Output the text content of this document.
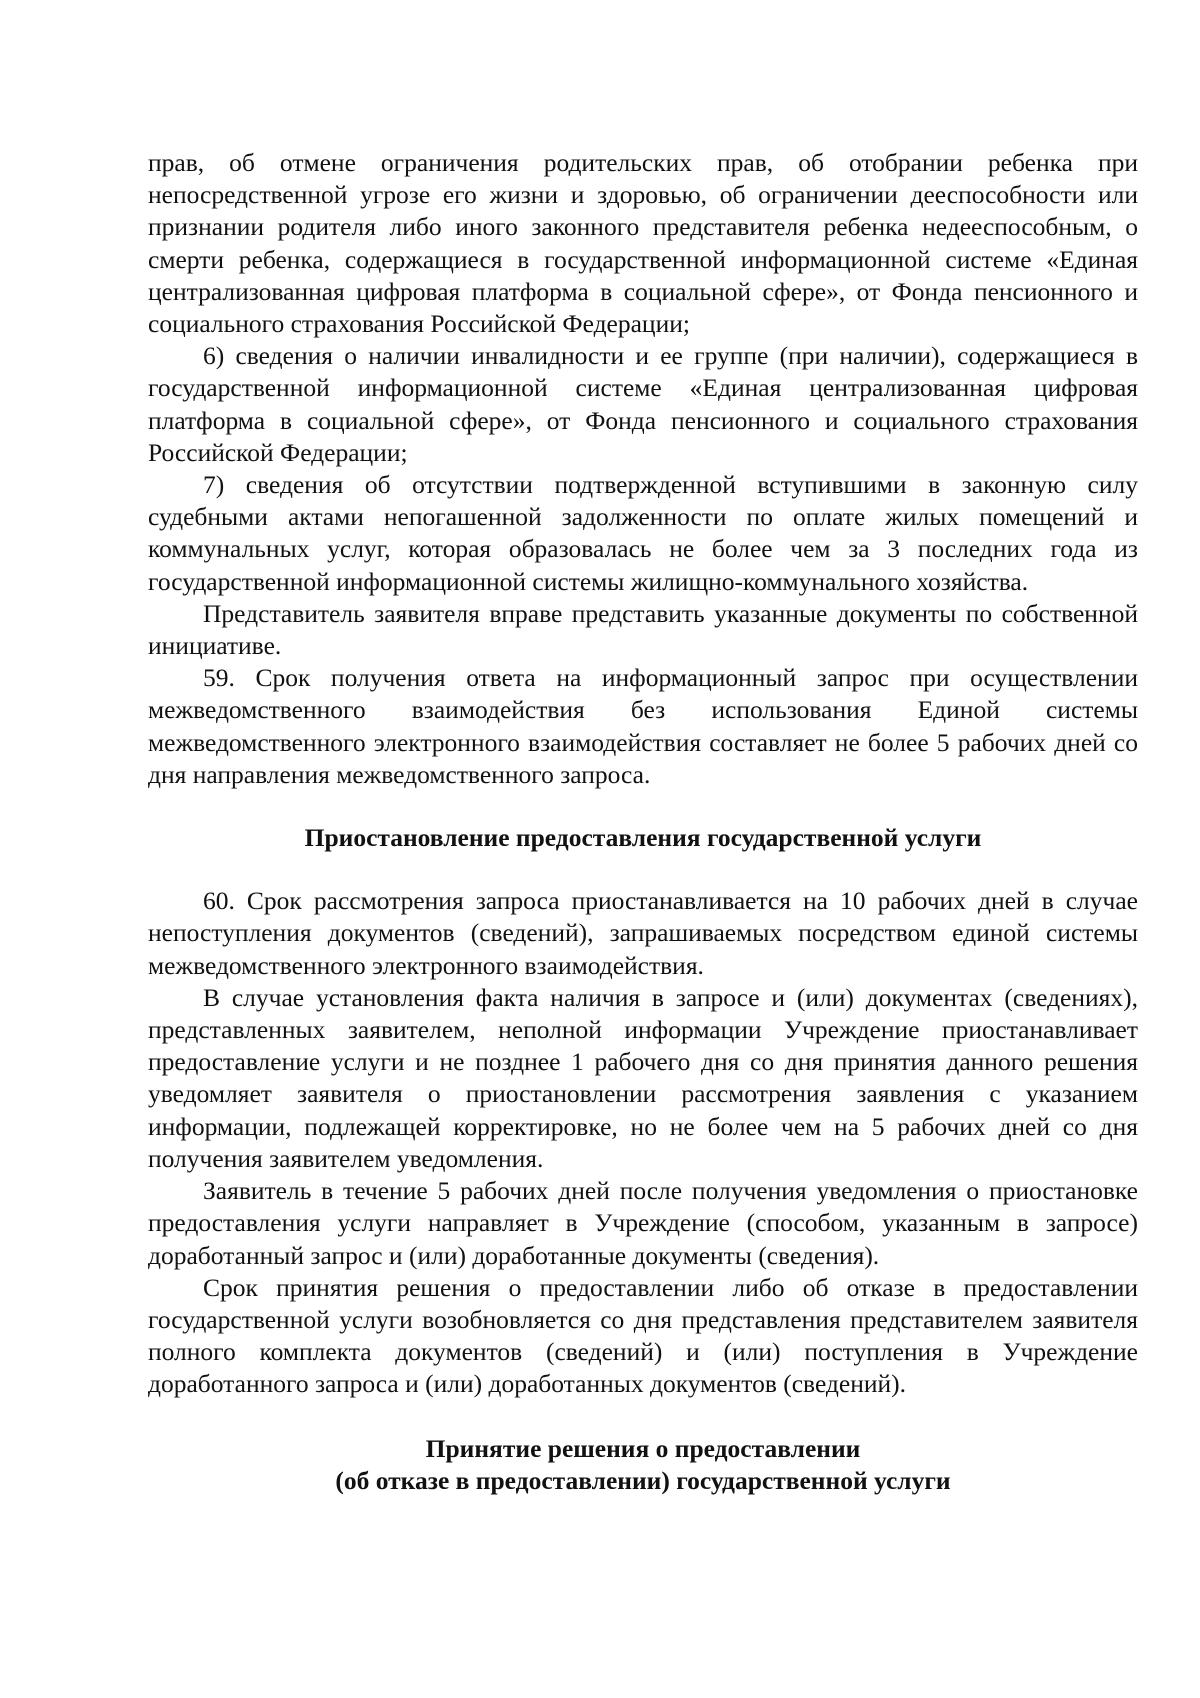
прав, об отмене ограничения родительских прав, об отобрании ребенка при непосредственной угрозе его жизни и здоровью, об ограничении дееспособности или признании родителя либо иного законного представителя ребенка недееспособным, о смерти ребенка, содержащиеся в государственной информационной системе «Единая централизованная цифровая платформа в социальной сфере», от Фонда пенсионного и социального страхования Российской Федерации;

6) сведения о наличии инвалидности и ее группе (при наличии), содержащиеся в государственной информационной системе «Единая централизованная цифровая платформа в социальной сфере», от Фонда пенсионного и социального страхования Российской Федерации;

7) сведения об отсутствии подтвержденной вступившими в законную силу судебными актами непогашенной задолженности по оплате жилых помещений и коммунальных услуг, которая образовалась не более чем за 3 последних года из государственной информационной системы жилищно-коммунального хозяйства.

Представитель заявителя вправе представить указанные документы по собственной инициативе.

59. Срок получения ответа на информационный запрос при осуществлении межведомственного взаимодействия без использования Единой системы межведомственного электронного взаимодействия составляет не более 5 рабочих дней со дня направления межведомственного запроса.

Приостановление предоставления государственной услуги

60. Срок рассмотрения запроса приостанавливается на 10 рабочих дней в случае непоступления документов (сведений), запрашиваемых посредством единой системы межведомственного электронного взаимодействия.

В случае установления факта наличия в запросе и (или) документах (сведениях), представленных заявителем, неполной информации Учреждение приостанавливает предоставление услуги и не позднее 1 рабочего дня со дня принятия данного решения уведомляет заявителя о приостановлении рассмотрения заявления с указанием информации, подлежащей корректировке, но не более чем на 5 рабочих дней со дня получения заявителем уведомления.

Заявитель в течение 5 рабочих дней после получения уведомления о приостановке предоставления услуги направляет в Учреждение (способом, указанным в запросе) доработанный запрос и (или) доработанные документы (сведения).

Срок принятия решения о предоставлении либо об отказе в предоставлении государственной услуги возобновляется со дня представления представителем заявителя полного комплекта документов (сведений) и (или) поступления в Учреждение доработанного запроса и (или) доработанных документов (сведений).

Принятие решения о предоставлении

(об отказе в предоставлении) государственной услуги
